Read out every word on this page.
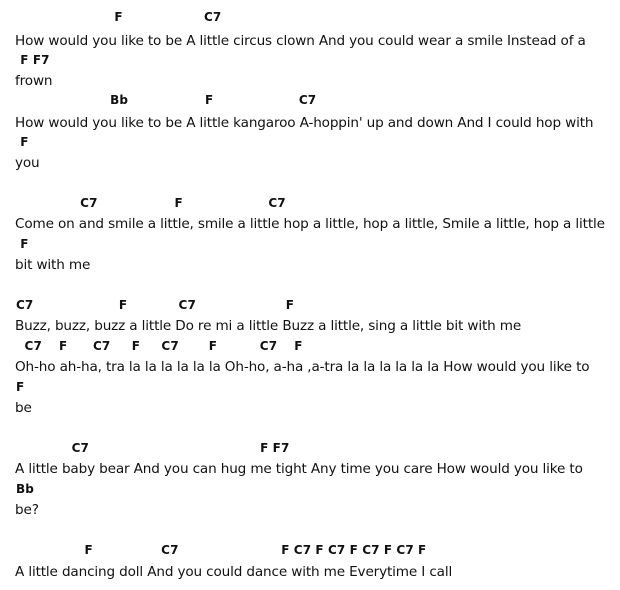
F                   C7
How would you like to be A little circus clown And you could wear a smile Instead of a
F F7
frown
Bb                  F                    C7
How would you like to be A little kangaroo A-hoppin' up and down And I could hop with
F
you
C7                  F                    C7
Come on and smile a little, smile a little hop a little, hop a little, Smile a little, hop a little
F
bit with me
C7                    F            C7                     F
Buzz, buzz, buzz a little Do re mi a little Buzz a little, sing a little bit with me
C7    F      C7     F     C7       F          C7    F
Oh-ho ah-ha, tra la la la la la la Oh-ho, a-ha ,a-tra la la la la la la How would you like to
F
be
C7                                        F F7
A little baby bear And you can hug me tight Any time you care How would you like to
Bb
be?
F                C7                        F C7 F C7 F C7 F C7 F
A little dancing doll And you could dance with me Everytime I call
